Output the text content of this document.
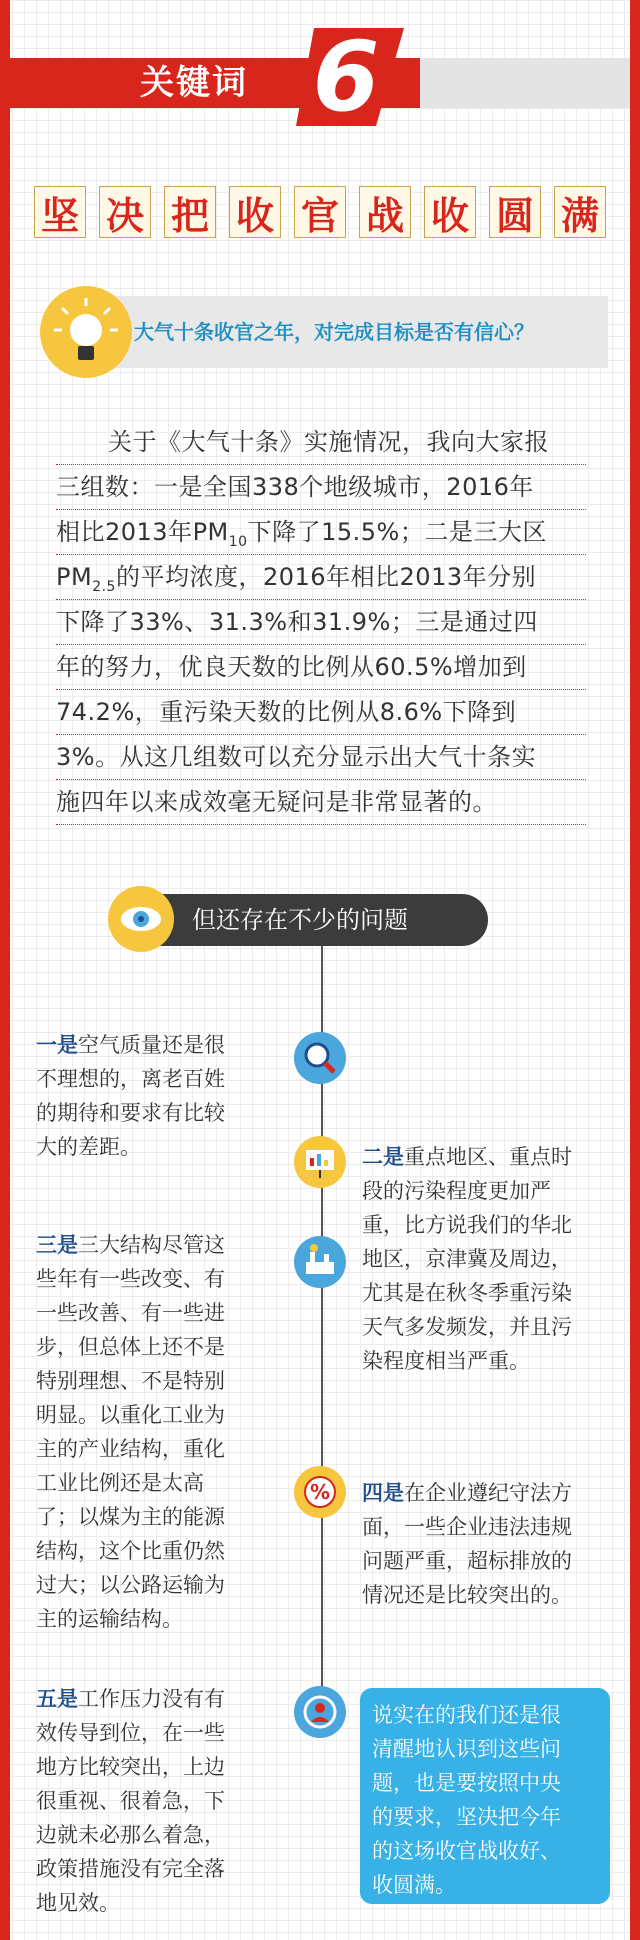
关键词 6
坚 决 把 收 官 战 收 圆 满
大气十条收官之年，对完成目标是否有信心？
关于《大气十条》实施情况，我向大家报
三组数：一是全国338个地级城市，2016年
相比2013年$PM_{10}$下降了15.5%；二是三大区
$PM_{2.5}$的平均浓度，2016年相比2013年分别
下降了33%、31.3%和31.9%；三是通过四
年的努力，优良天数的比例从60.5%增加到
74.2%，重污染天数的比例从8.6%下降到
3%。从这几组数可以充分显示出大气十条实
施四年以来成效毫无疑问是非常显著的。
但还存在不少的问题
%
一是空气质量还是很
不理想的，离老百姓
的期待和要求有比较
大的差距。	二是重点地区、重点时
段的污染程度更加严
重，比方说我们的华北
地区，京津冀及周边，
尤其是在秋冬季重污染
天气多发频发，并且污
染程度相当严重。
三是三大结构尽管这
些年有一些改变、有
一些改善、有一些进
步，但总体上还不是
特别理想、不是特别
明显。以重化工业为
主的产业结构，重化
工业比例还是太高
了；以煤为主的能源
结构，这个比重仍然
过大；以公路运输为
主的运输结构。
四是在企业遵纪守法方
面，一些企业违法违规
问题严重，超标排放的
情况还是比较突出的。
五是工作压力没有有
效传导到位，在一些
地方比较突出，上边
很重视、很着急，下
边就未必那么着急，
政策措施没有完全落
地见效。
说实在的我们还是很
清醒地认识到这些问
题，也是要按照中央
的要求，坚决把今年
的这场收官战收好、
收圆满。
